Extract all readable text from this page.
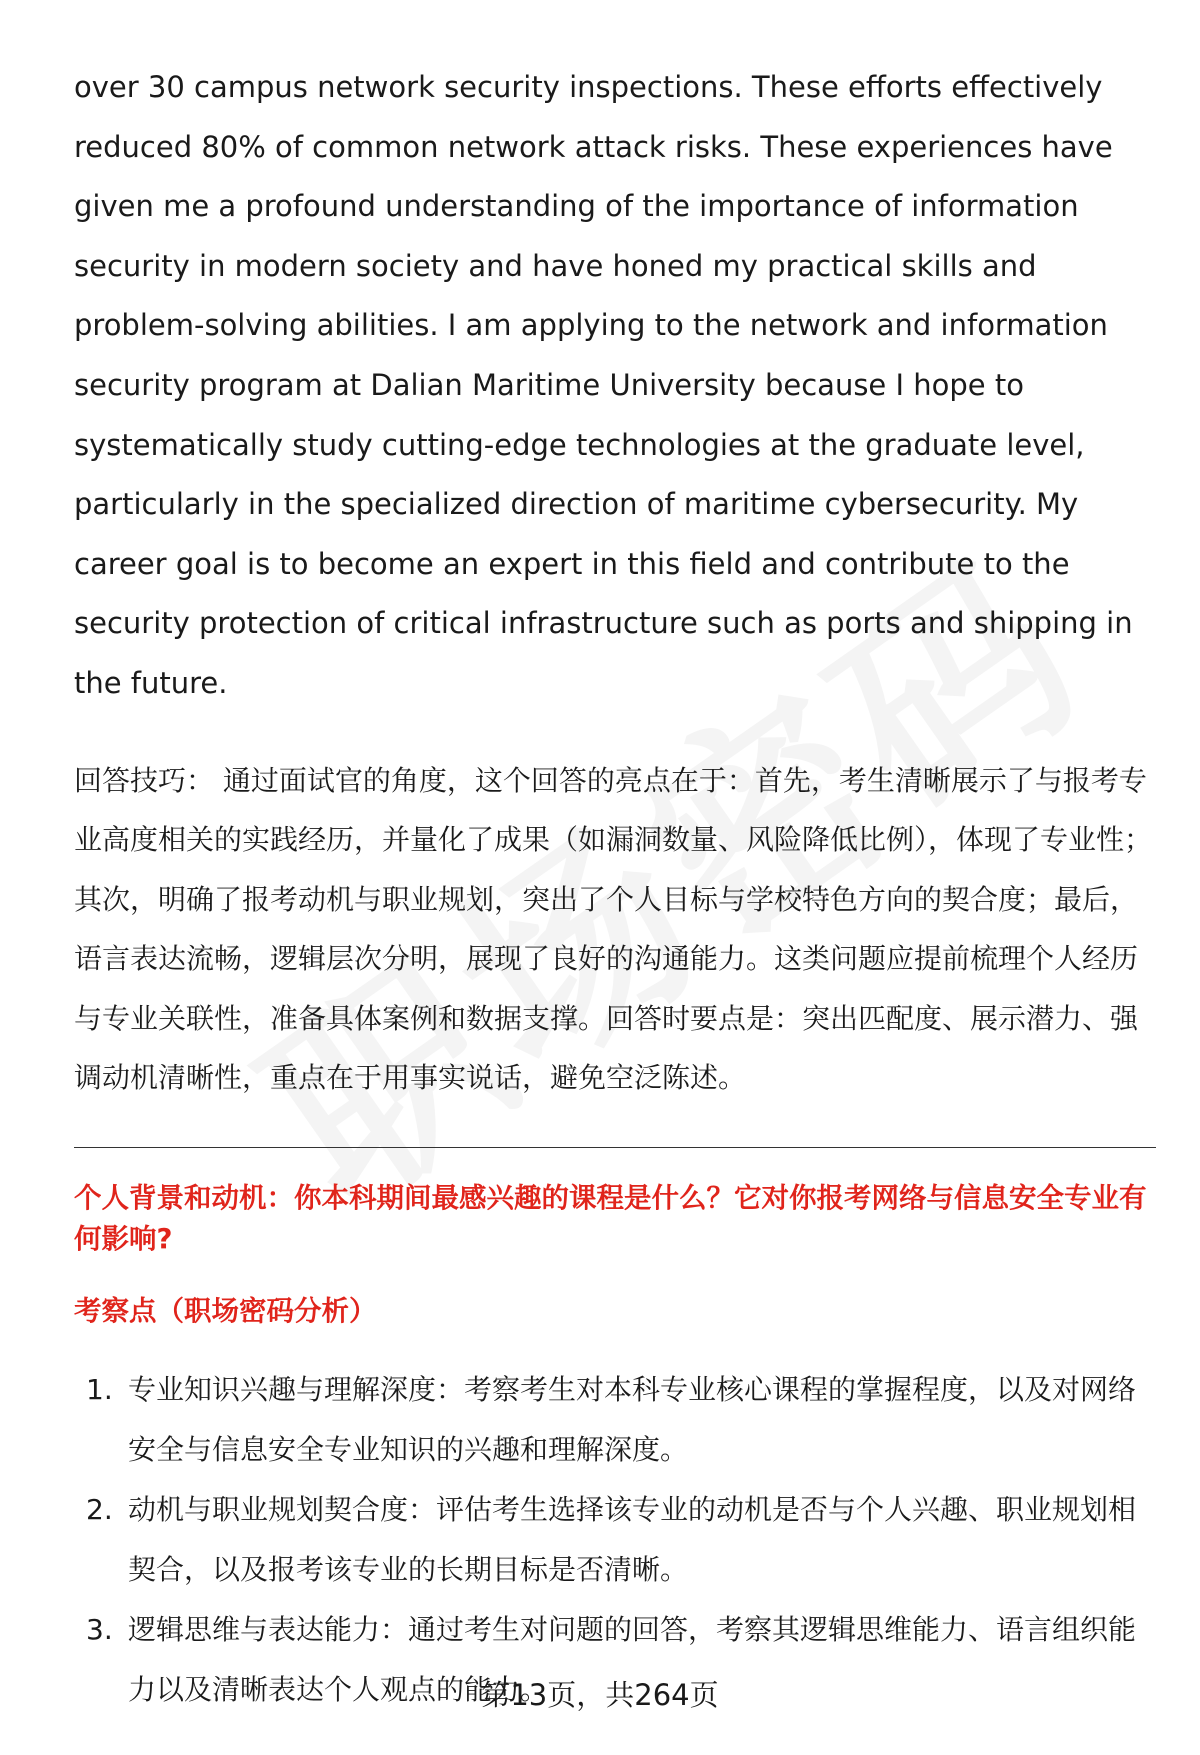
over 30 campus network security inspections. These efforts effectively reduced 80% of common network attack risks. These experiences have given me a profound understanding of the importance of information security in modern society and have honed my practical skills and problem-solving abilities. I am applying to the network and information security program at Dalian Maritime University because I hope to systematically study cutting-edge technologies at the graduate level, particularly in the specialized direction of maritime cybersecurity. My career goal is to become an expert in this field and contribute to the security protection of critical infrastructure such as ports and shipping in the future.

回答技巧： 通过面试官的角度，这个回答的亮点在于：首先，考生清晰展示了与报考专业高度相关的实践经历，并量化了成果（如漏洞数量、风险降低比例），体现了专业性；其次，明确了报考动机与职业规划，突出了个人目标与学校特色方向的契合度；最后，语言表达流畅，逻辑层次分明，展现了良好的沟通能力。这类问题应提前梳理个人经历与专业关联性，准备具体案例和数据支撑。回答时要点是：突出匹配度、展示潜力、强调动机清晰性，重点在于用事实说话，避免空泛陈述。

个人背景和动机：你本科期间最感兴趣的课程是什么？它对你报考网络与信息安全专业有何影响?
考察点（职场密码分析）
1. 专业知识兴趣与理解深度：考察考生对本科专业核心课程的掌握程度，以及对网络安全与信息安全专业知识的兴趣和理解深度。
2. 动机与职业规划契合度：评估考生选择该专业的动机是否与个人兴趣、职业规划相契合，以及报考该专业的长期目标是否清晰。
3. 逻辑思维与表达能力：通过考生对问题的回答，考察其逻辑思维能力、语言组织能力以及清晰表达个人观点的能力。
第13页，共264页
